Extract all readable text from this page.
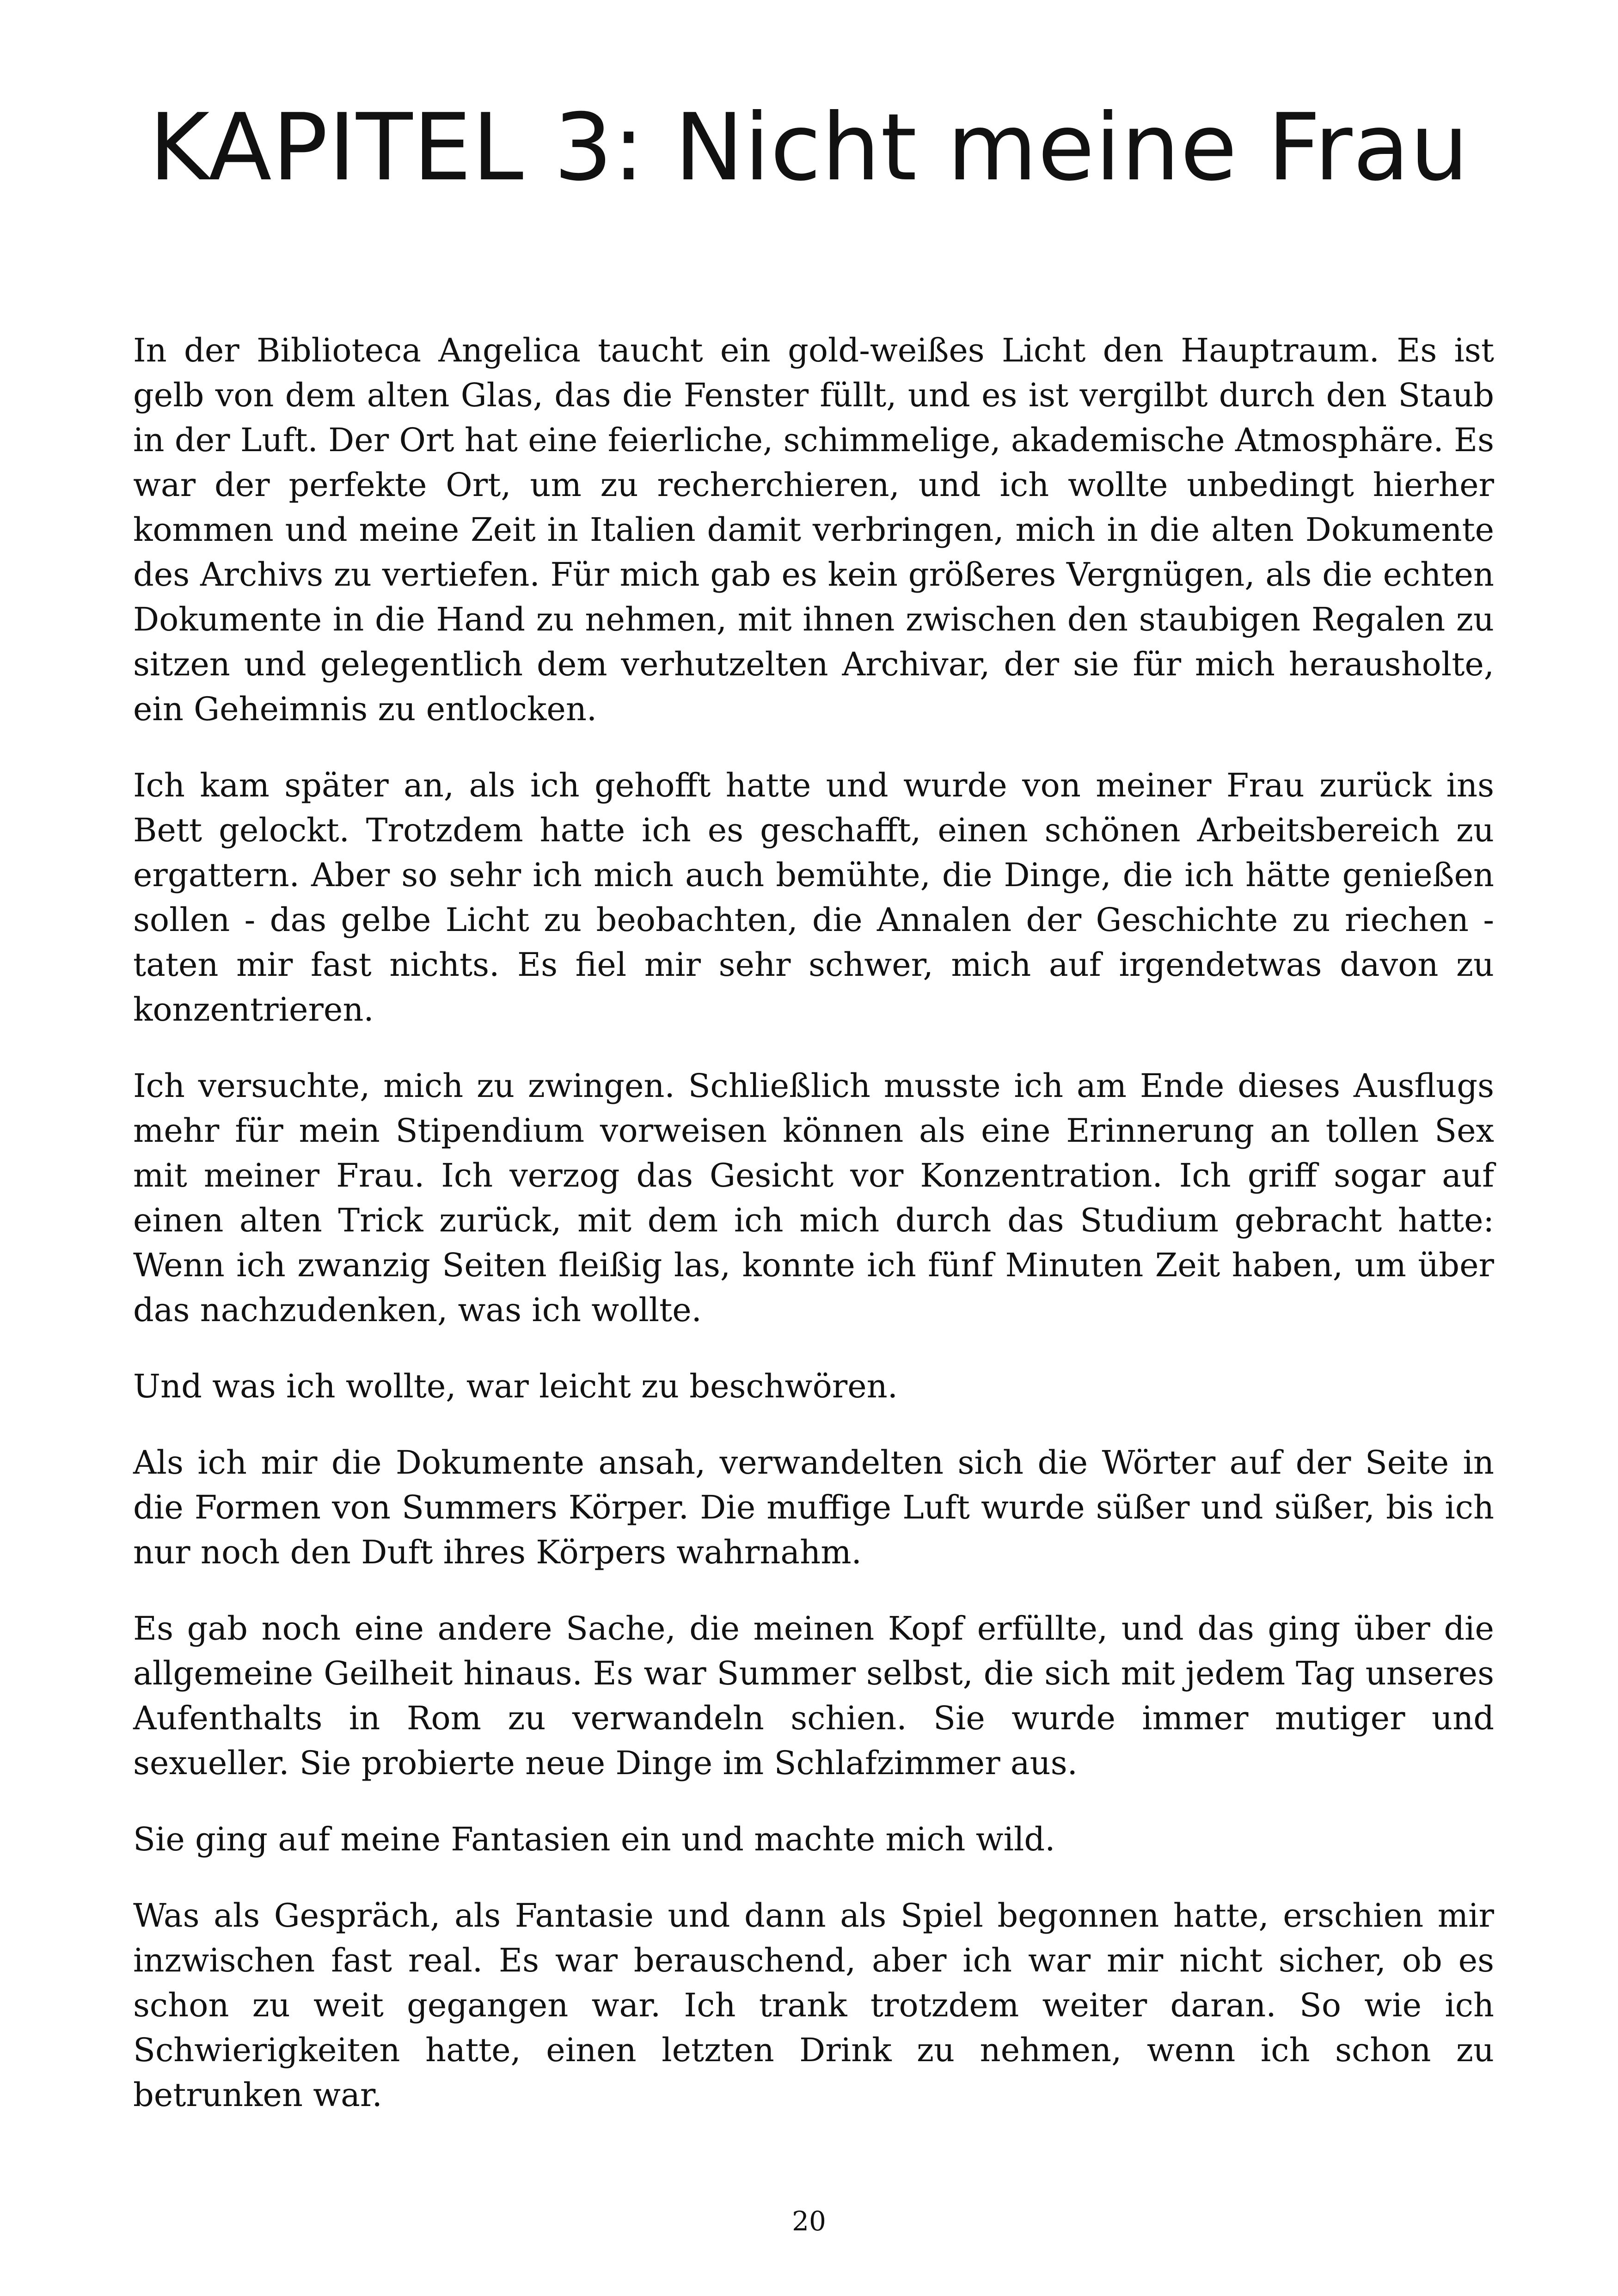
KAPITEL 3: Nicht meine Frau

In der Biblioteca Angelica taucht ein gold-weißes Licht den Hauptraum. Es ist gelb von dem alten Glas, das die Fenster füllt, und es ist vergilbt durch den Staub in der Luft. Der Ort hat eine feierliche, schimmelige, akademische Atmosphäre. Es war der perfekte Ort, um zu recherchieren, und ich wollte unbedingt hierher kommen und meine Zeit in Italien damit verbringen, mich in die alten Dokumente des Archivs zu vertiefen. Für mich gab es kein größeres Vergnügen, als die echten Dokumente in die Hand zu nehmen, mit ihnen zwischen den staubigen Regalen zu sitzen und gelegentlich dem verhutzelten Archivar, der sie für mich herausholte, ein Geheimnis zu entlocken.

Ich kam später an, als ich gehofft hatte und wurde von meiner Frau zurück ins Bett gelockt. Trotzdem hatte ich es geschafft, einen schönen Arbeitsbereich zu ergattern. Aber so sehr ich mich auch bemühte, die Dinge, die ich hätte genießen sollen - das gelbe Licht zu beobachten, die Annalen der Geschichte zu riechen - taten mir fast nichts. Es fiel mir sehr schwer, mich auf irgendetwas davon zu konzentrieren.

Ich versuchte, mich zu zwingen. Schließlich musste ich am Ende dieses Ausflugs mehr für mein Stipendium vorweisen können als eine Erinnerung an tollen Sex mit meiner Frau. Ich verzog das Gesicht vor Konzentration. Ich griff sogar auf einen alten Trick zurück, mit dem ich mich durch das Studium gebracht hatte: Wenn ich zwanzig Seiten fleißig las, konnte ich fünf Minuten Zeit haben, um über das nachzudenken, was ich wollte.

Und was ich wollte, war leicht zu beschwören.

Als ich mir die Dokumente ansah, verwandelten sich die Wörter auf der Seite in die Formen von Summers Körper. Die muffige Luft wurde süßer und süßer, bis ich nur noch den Duft ihres Körpers wahrnahm.

Es gab noch eine andere Sache, die meinen Kopf erfüllte, und das ging über die allgemeine Geilheit hinaus. Es war Summer selbst, die sich mit jedem Tag unseres Aufenthalts in Rom zu verwandeln schien. Sie wurde immer mutiger und sexueller. Sie probierte neue Dinge im Schlafzimmer aus.

Sie ging auf meine Fantasien ein und machte mich wild.

Was als Gespräch, als Fantasie und dann als Spiel begonnen hatte, erschien mir inzwischen fast real. Es war berauschend, aber ich war mir nicht sicher, ob es schon zu weit gegangen war. Ich trank trotzdem weiter daran. So wie ich Schwierigkeiten hatte, einen letzten Drink zu nehmen, wenn ich schon zu betrunken war.

20
